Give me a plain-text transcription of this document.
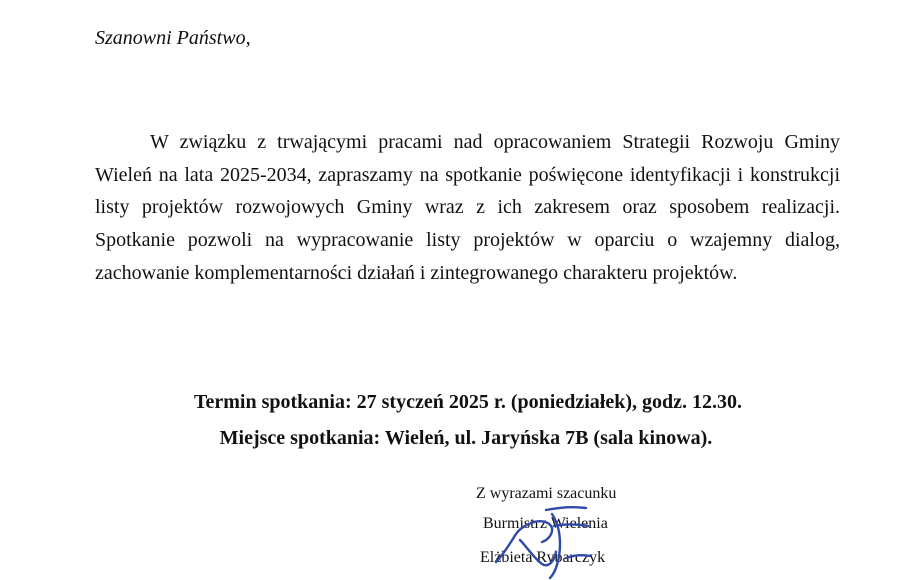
Szanowni Państwo,

W związku z trwającymi pracami nad opracowaniem Strategii Rozwoju Gminy Wieleń na lata 2025-2034, zapraszamy na spotkanie poświęcone identyfikacji i konstrukcji listy projektów rozwojowych Gminy wraz z ich zakresem oraz sposobem realizacji. Spotkanie pozwoli na wypracowanie listy projektów w oparciu o wzajemny dialog, zachowanie komplementarności działań i zintegrowanego charakteru projektów.

Termin spotkania: 27 styczeń 2025 r. (poniedziałek), godz. 12.30.

Miejsce spotkania: Wieleń, ul. Jaryńska 7B (sala kinowa).

Z wyrazami szacunku

Burmistrz Wielenia

Elżbieta Rybarczyk
